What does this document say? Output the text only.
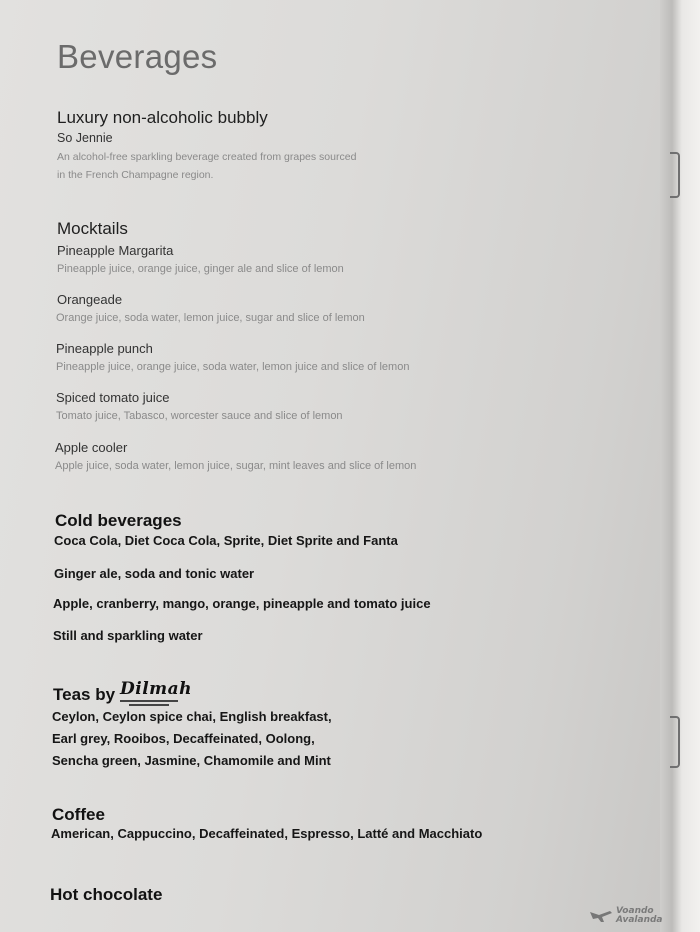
Beverages
Luxury non-alcoholic bubbly
So Jennie
An alcohol-free sparkling beverage created from grapes sourced
in the French Champagne region.
Mocktails
Pineapple Margarita
Pineapple juice, orange juice, ginger ale and slice of lemon
Orangeade
Orange juice, soda water, lemon juice, sugar and slice of lemon
Pineapple punch
Pineapple juice, orange juice, soda water, lemon juice and slice of lemon
Spiced tomato juice
Tomato juice, Tabasco, worcester sauce and slice of lemon
Apple cooler
Apple juice, soda water, lemon juice, sugar, mint leaves and slice of lemon
Cold beverages
Coca Cola, Diet Coca Cola, Sprite, Diet Sprite and Fanta
Ginger ale, soda and tonic water
Apple, cranberry, mango, orange, pineapple and tomato juice
Still and sparkling water
Teas by Dilmah
Ceylon, Ceylon spice chai, English breakfast,
Earl grey, Rooibos, Decaffeinated, Oolong,
Sencha green, Jasmine, Chamomile and Mint
Coffee
American, Cappuccino, Decaffeinated, Espresso, Latté and Macchiato
Hot chocolate
Voando
Avalanda
